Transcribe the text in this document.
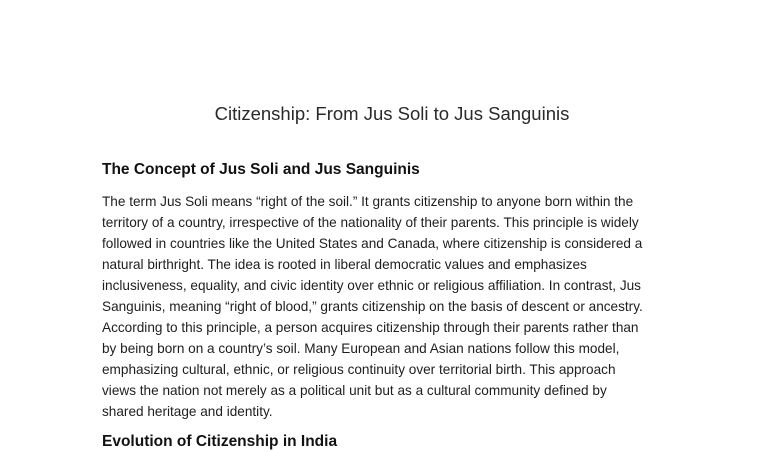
Citizenship: From Jus Soli to Jus Sanguinis
The Concept of Jus Soli and Jus Sanguinis
The term Jus Soli means “right of the soil.” It grants citizenship to anyone born within the
territory of a country, irrespective of the nationality of their parents. This principle is widely
followed in countries like the United States and Canada, where citizenship is considered a
natural birthright. The idea is rooted in liberal democratic values and emphasizes
inclusiveness, equality, and civic identity over ethnic or religious affiliation. In contrast, Jus
Sanguinis, meaning “right of blood,” grants citizenship on the basis of descent or ancestry.
According to this principle, a person acquires citizenship through their parents rather than
by being born on a country’s soil. Many European and Asian nations follow this model,
emphasizing cultural, ethnic, or religious continuity over territorial birth. This approach
views the nation not merely as a political unit but as a cultural community defined by
shared heritage and identity.
Evolution of Citizenship in India
